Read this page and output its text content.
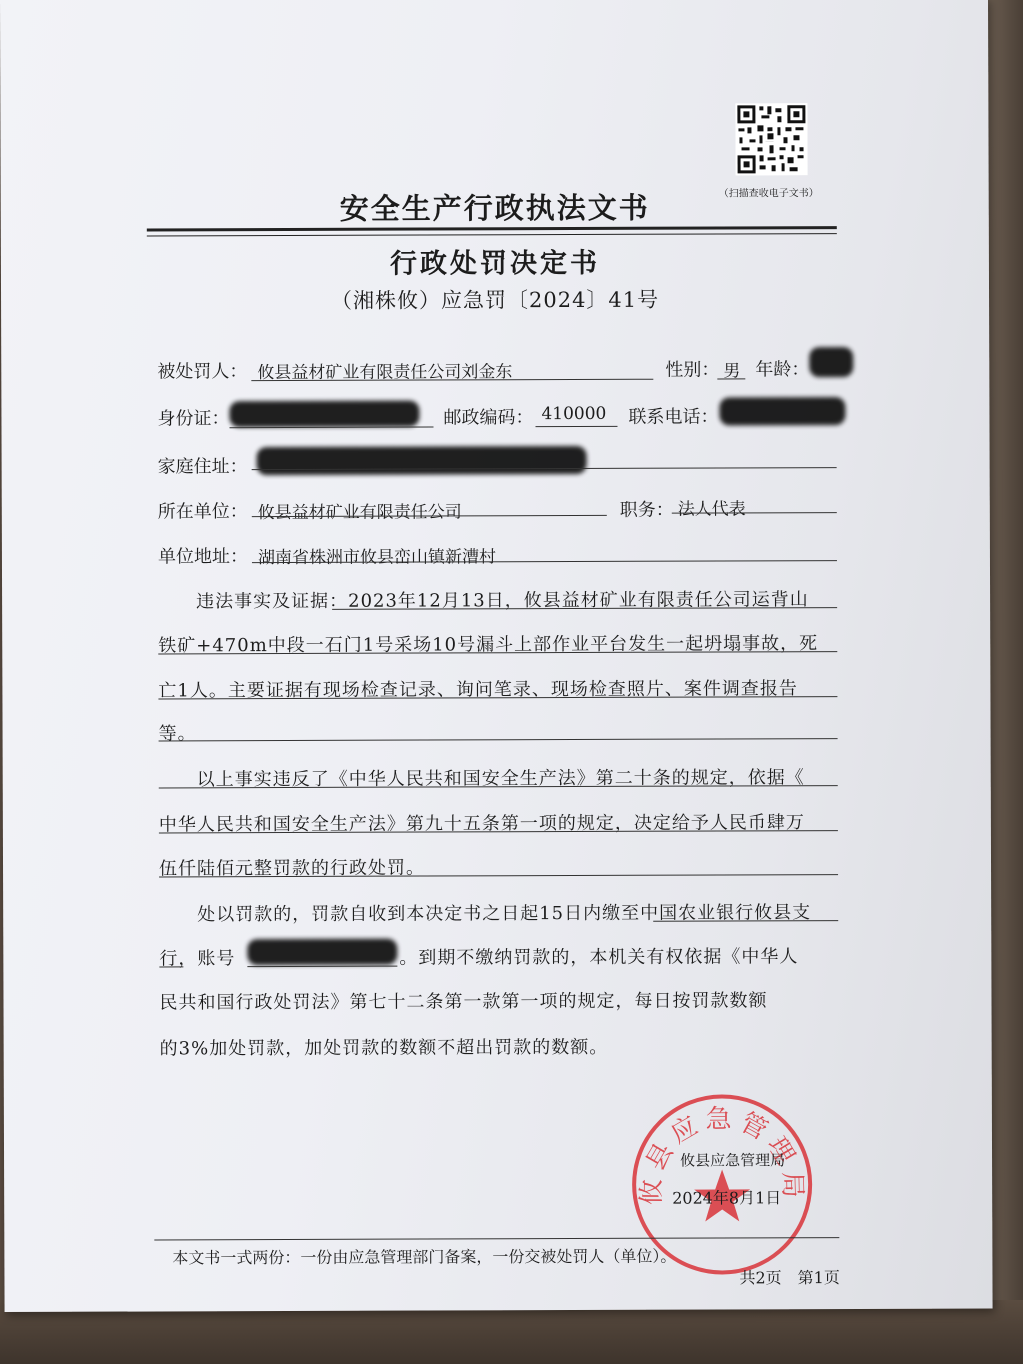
（扫描查收电子文书）
安全生产行政执法文书
行政处罚决定书
（湘株攸）应急罚〔2024〕41号
被处罚人： 攸县益材矿业有限责任公司刘金东	性别： 男 年龄：
身份证：	邮政编码： 410000 联系电话：
家庭住址：
所在单位： 攸县益材矿业有限责任公司	职务： 法人代表
单位地址： 湖南省株洲市攸县峦山镇新漕村
违法事实及证据：2023年12月13日，攸县益材矿业有限责任公司运背山
铁矿+470m中段一石门1号采场10号漏斗上部作业平台发生一起坍塌事故，死
亡1人。主要证据有现场检查记录、询问笔录、现场检查照片、案件调查报告
等。
以上事实违反了《中华人民共和国安全生产法》第二十条的规定，依据《
中华人民共和国安全生产法》第九十五条第一项的规定，决定给予人民币肆万
伍仟陆佰元整罚款的行政处罚。
处以罚款的，罚款自收到本决定书之日起15日内缴至中国农业银行攸县支
行，账号	。到期不缴纳罚款的，本机关有权依据《中华人
民共和国行政处罚法》第七十二条第一款第一项的规定，每日按罚款数额
的3%加处罚款，加处罚款的数额不超出罚款的数额。
攸县应急管理局
攸县应急管理局
2024年8月1日
本文书一式两份：一份由应急管理部门备案，一份交被处罚人（单位）。
共2页　第1页
